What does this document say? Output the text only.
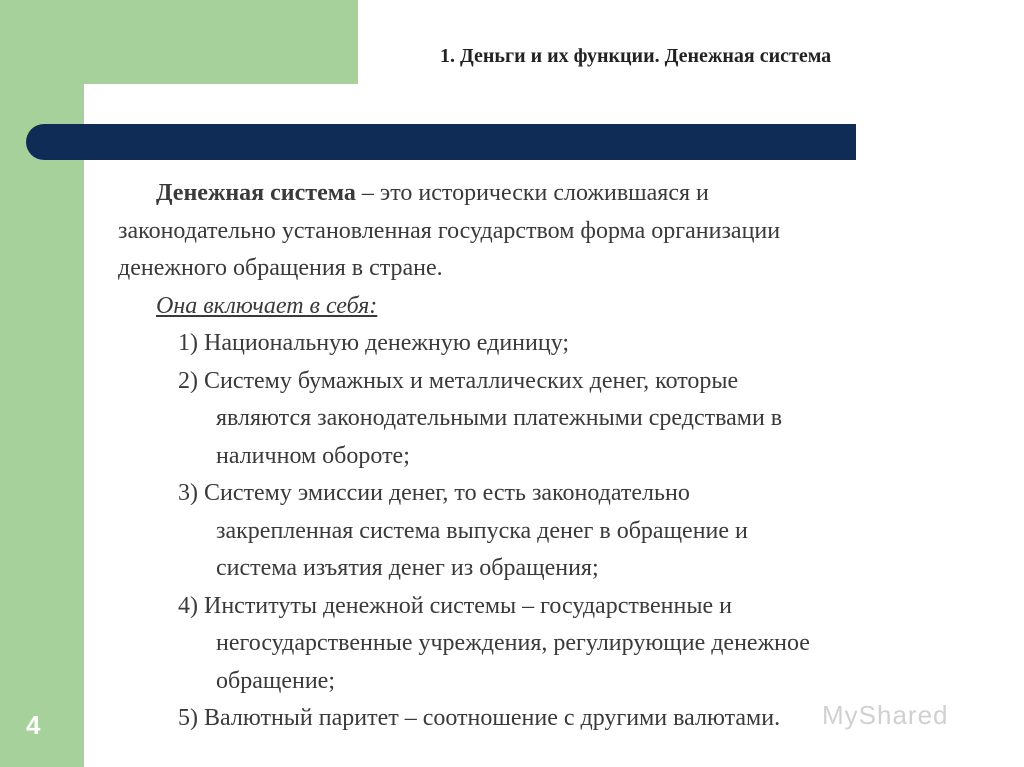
1. Деньги и их функции. Денежная система

Денежная система – это исторически сложившаяся и

законодательно установленная государством форма организации

денежного обращения в стране.

Она включает в себя:

1) Национальную денежную единицу;

2) Систему бумажных и металлических денег, которые

являются законодательными платежными средствами в

наличном обороте;

3) Систему эмиссии денег, то есть законодательно

закрепленная система выпуска денег в обращение и

система изъятия денег из обращения;

4) Институты денежной системы – государственные и

негосударственные учреждения, регулирующие денежное

обращение;

5) Валютный паритет – соотношение с другими валютами.

4	MyShared
